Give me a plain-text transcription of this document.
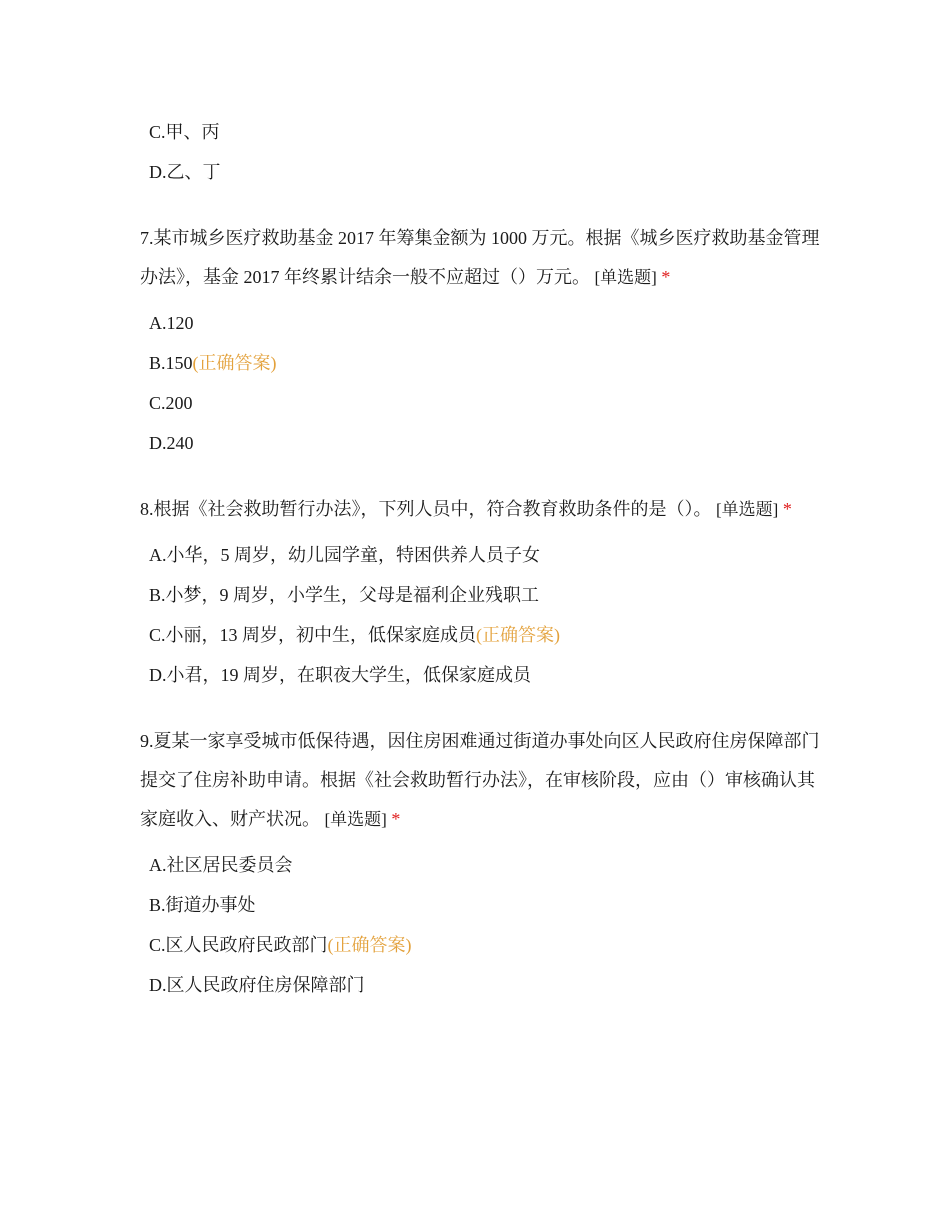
C.甲、丙
D.乙、丁
7.某市城乡医疗救助基金 2017 年筹集金额为 1000 万元。根据《城乡医疗救助基金管理办法》，基金 2017 年终累计结余一般不应超过（）万元。 [单选题] *
A.120
B.150(正确答案)
C.200
D.240
8.根据《社会救助暂行办法》，下列人员中，符合教育救助条件的是（）。 [单选题] *
A.小华，5 周岁，幼儿园学童，特困供养人员子女
B.小梦，9 周岁，小学生，父母是福利企业残职工
C.小丽，13 周岁，初中生，低保家庭成员(正确答案)
D.小君，19 周岁，在职夜大学生，低保家庭成员
9.夏某一家享受城市低保待遇，因住房困难通过街道办事处向区人民政府住房保障部门提交了住房补助申请。根据《社会救助暂行办法》，在审核阶段，应由（）审核确认其家庭收入、财产状况。 [单选题] *
A.社区居民委员会
B.街道办事处
C.区人民政府民政部门(正确答案)
D.区人民政府住房保障部门
